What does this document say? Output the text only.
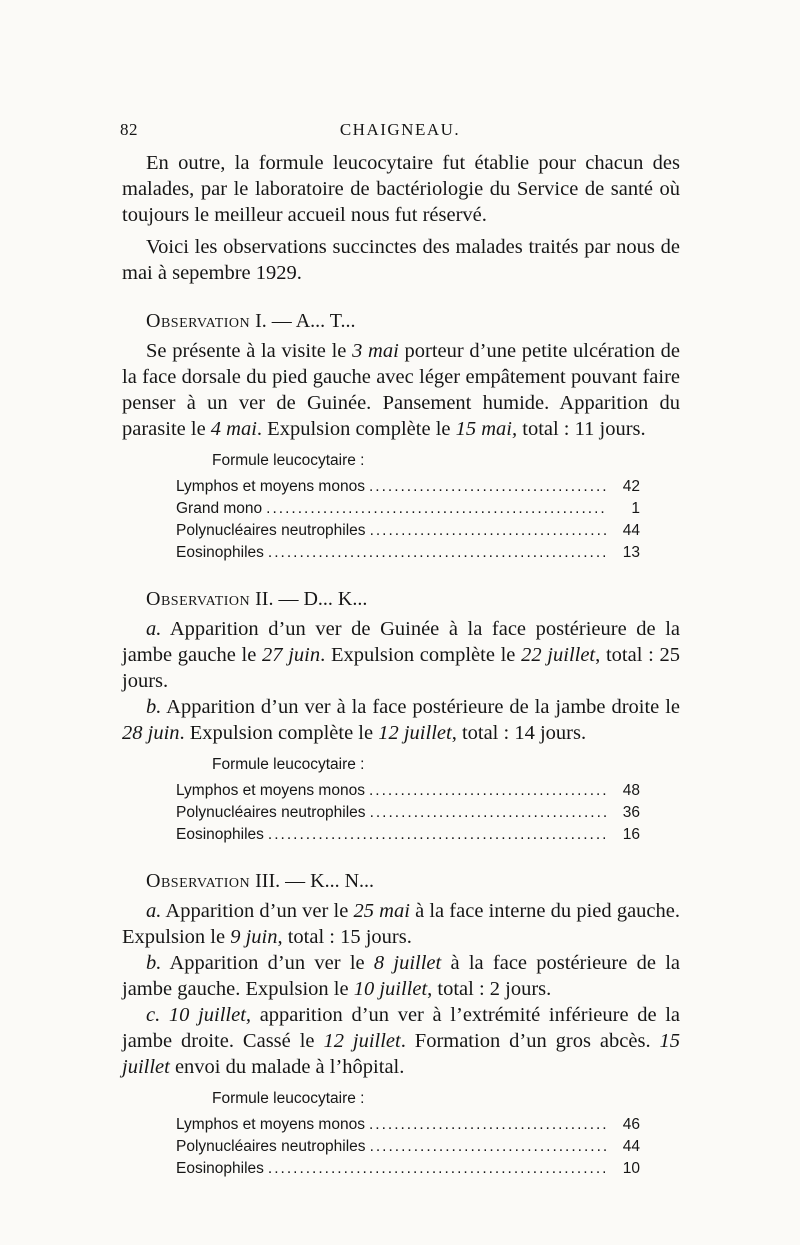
82	CHAIGNEAU.

En outre, la formule leucocytaire fut établie pour chacun des malades, par le laboratoire de bactériologie du Service de santé où toujours le meilleur accueil nous fut réservé.

Voici les observations succinctes des malades traités par nous de mai à sepembre 1929.

Observation I. — A... T...

Se présente à la visite le 3 mai porteur d’une petite ulcération de la face dorsale du pied gauche avec léger empâtement pouvant faire penser à un ver de Guinée. Pansement humide. Apparition du parasite le 4 mai. Expulsion complète le 15 mai, total : 11 jours.

Formule leucocytaire :
Lymphos et moyens monos .....	42
Grand mono .....	1
Polynucléaires neutrophiles .....	44
Eosinophiles .....	13
Observation II. — D... K...

a. Apparition d’un ver de Guinée à la face postérieure de la jambe gauche le 27 juin. Expulsion complète le 22 juillet, total : 25 jours.

b. Apparition d’un ver à la face postérieure de la jambe droite le 28 juin. Expulsion complète le 12 juillet, total : 14 jours.

Formule leucocytaire :
Lymphos et moyens monos .....	48
Polynucléaires neutrophiles .....	36
Eosinophiles .....	16
Observation III. — K... N...

a. Apparition d’un ver le 25 mai à la face interne du pied gauche. Expulsion le 9 juin, total : 15 jours.

b. Apparition d’un ver le 8 juillet à la face postérieure de la jambe gauche. Expulsion le 10 juillet, total : 2 jours.

c. 10 juillet, apparition d’un ver à l’extrémité inférieure de la jambe droite. Cassé le 12 juillet. Formation d’un gros abcès. 15 juillet envoi du malade à l’hôpital.

Formule leucocytaire :
Lymphos et moyens monos .....	46
Polynucléaires neutrophiles .....	44
Eosinophiles .....	10
